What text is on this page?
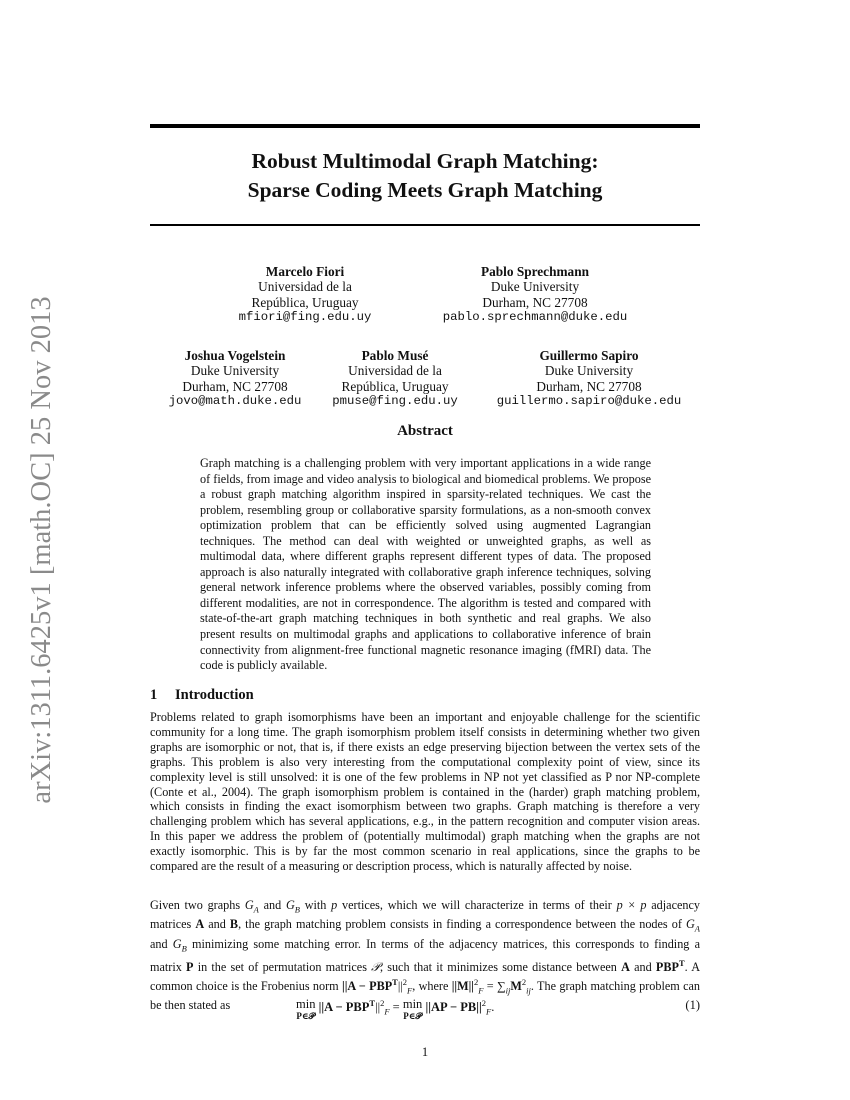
arXiv:1311.6425v1 [math.OC] 25 Nov 2013
Robust Multimodal Graph Matching:
Sparse Coding Meets Graph Matching
Marcelo Fiori
Universidad de la
República, Uruguay
mfiori@fing.edu.uy
Pablo Sprechmann
Duke University
Durham, NC 27708
pablo.sprechmann@duke.edu
Joshua Vogelstein
Duke University
Durham, NC 27708
jovo@math.duke.edu
Pablo Musé
Universidad de la
República, Uruguay
pmuse@fing.edu.uy
Guillermo Sapiro
Duke University
Durham, NC 27708
guillermo.sapiro@duke.edu
Abstract
Graph matching is a challenging problem with very important applications in a wide range of fields, from image and video analysis to biological and biomedical problems. We propose a robust graph matching algorithm inspired in sparsity-related techniques. We cast the problem, resembling group or collaborative sparsity formulations, as a non-smooth convex optimization problem that can be efficiently solved using augmented Lagrangian techniques. The method can deal with weighted or unweighted graphs, as well as multimodal data, where different graphs represent different types of data. The proposed approach is also naturally integrated with collaborative graph inference techniques, solving general network inference problems where the observed variables, possibly coming from different modalities, are not in correspondence. The algorithm is tested and compared with state-of-the-art graph matching techniques in both synthetic and real graphs. We also present results on multimodal graphs and applications to collaborative inference of brain connectivity from alignment-free functional magnetic resonance imaging (fMRI) data. The code is publicly available.
1 Introduction
Problems related to graph isomorphisms have been an important and enjoyable challenge for the scientific community for a long time. The graph isomorphism problem itself consists in determining whether two given graphs are isomorphic or not, that is, if there exists an edge preserving bijection between the vertex sets of the graphs. This problem is also very interesting from the computational complexity point of view, since its complexity level is still unsolved: it is one of the few problems in NP not yet classified as P nor NP-complete (Conte et al., 2004). The graph isomorphism problem is contained in the (harder) graph matching problem, which consists in finding the exact isomorphism between two graphs. Graph matching is therefore a very challenging problem which has several applications, e.g., in the pattern recognition and computer vision areas. In this paper we address the problem of (potentially multimodal) graph matching when the graphs are not exactly isomorphic. This is by far the most common scenario in real applications, since the graphs to be compared are the result of a measuring or description process, which is naturally affected by noise.
Given two graphs $G_A$ and $G_B$ with p vertices, which we will characterize in terms of their p × p adjacency matrices A and B, the graph matching problem consists in finding a correspondence between the nodes of $G_A$ and $G_B$ minimizing some matching error. In terms of the adjacency matrices, this corresponds to finding a matrix P in the set of permutation matrices 𝒫, such that it minimizes some distance between A and $PBP^T$. A common choice is the Frobenius norm $||A - PBP^T||^2_F$, where $||M||^2_F = \sum_{ij}M^2_{ij}$. The graph matching problem can be then stated as	min
P∈𝒫
$||A - PBP^T||^2_F = \min$
P∈𝒫
$||AP - PB||^2_F$.	(1)
1
